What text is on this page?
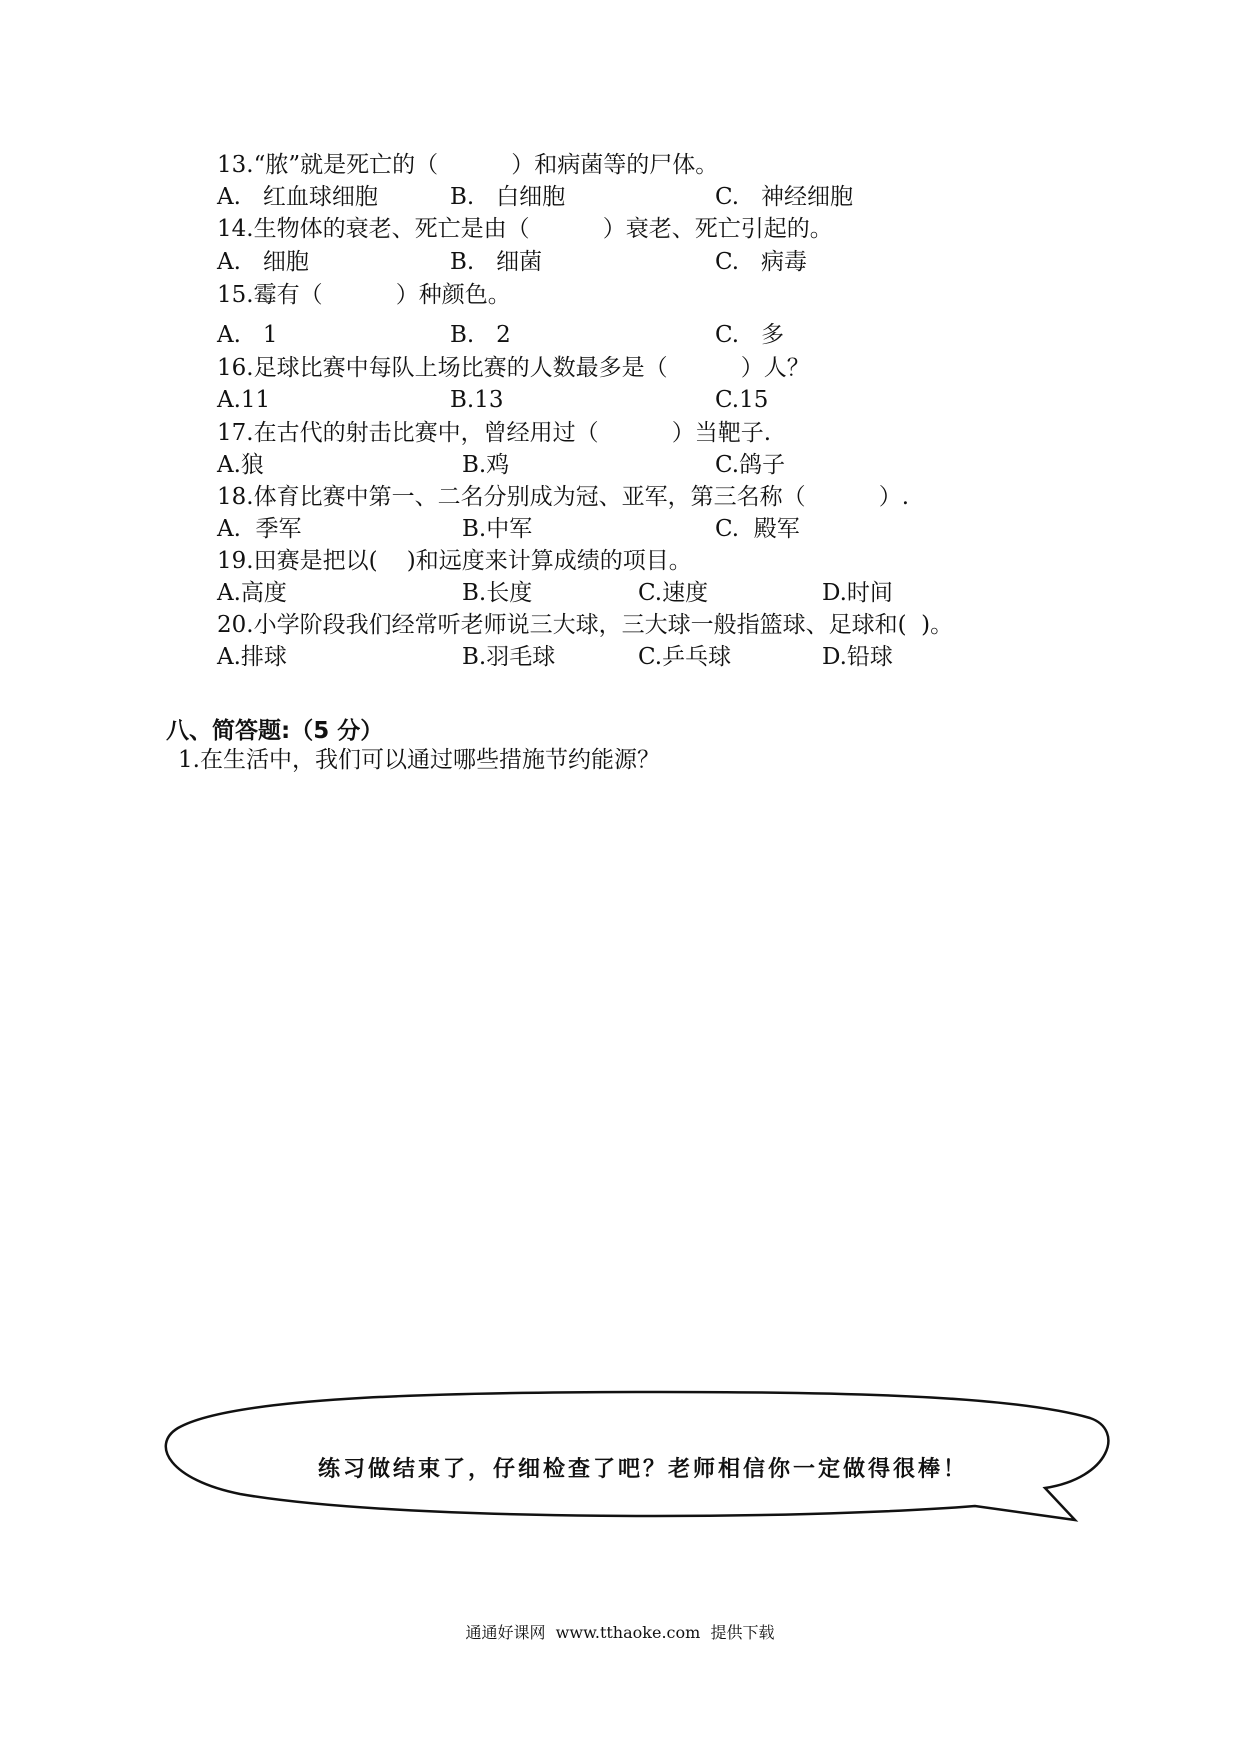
13.“脓”就是死亡的（          ）和病菌等的尸体。
A.   红血球细胞	B.   白细胞	C.   神经细胞
14.生物体的衰老、死亡是由（          ）衰老、死亡引起的。
A.   细胞	B.   细菌	C.   病毒
15.霉有（          ）种颜色。
A.   1	B.   2	C.   多
16.足球比赛中每队上场比赛的人数最多是（          ）人？
A.11	B.13	C.15
17.在古代的射击比赛中，曾经用过（          ）当靶子.
A.狼	B.鸡	C.鸽子
18.体育比赛中第一、二名分别成为冠、亚军，第三名称（          ）.
A.  季军	B.中军	C.  殿军
19.田赛是把以(    )和远度来计算成绩的项目。
A.高度	B.长度	C.速度	D.时间
20.小学阶段我们经常听老师说三大球，三大球一般指篮球、足球和(  )。
A.排球	B.羽毛球	C.乒乓球	D.铅球
八、简答题:（5 分）
1.在生活中，我们可以通过哪些措施节约能源？
练习做结束了，仔细检查了吧？老师相信你一定做得很棒！
通通好课网  www.tthaoke.com  提供下载
